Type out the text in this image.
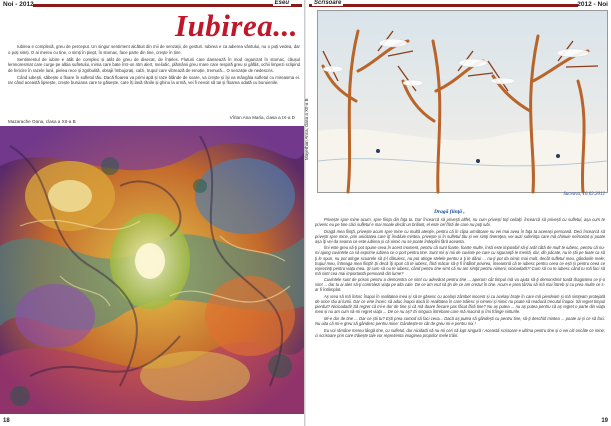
Noi - 2012	Eseu
Iubirea...

Iubirea e complexă, greu de perceput. Un singur sentiment alcătuit din mii de senzații, de gesturi. Iubirea e ca adierea vântului, nu o poți vedea, dar o poți simți. O ai mereu cu tine, o simți în piept, în stomac, face parte din tine, crește în tine.

Sentimentul de iubire e atât de complex și atât de greu de disecat, de înțeles. Fluturii care dansează în mod organizat în stomac, căușul lemnoresmat care curge pe albia sufletului, inima care bate într-un ritm alert, melodic, plămânii greu mare care respiră greu și gâfâit, ochii limpezi sclipind de fericire în razele lunii, pielea rece și zgribulită, obrajii îmbujorați, calzi, trupul care vibrează de emoție, tremură... O senzație de nedescris.

Când iubești, săbește o floare în sufletul tău. Dacă floarea va primi apă și raze blânde de soare, va crește și își va mângâia sufletul cu mireasma ei. Iar când această lipsește, crește buruiana care te găsește, care îți lasă rănile și ghinu la urmă, vei fi nevoit să tai și floarea odată cu buruienile.

Vîrlan Ana Maria, clasa a IX-a D
Mazarache Oana, clasa a XII-a B
18
Scrisoare	2012 - Noi
Mayerhan Anca, clasa a XII-a B
Suceava, 16.02.2012
Dragă fiinţă ,

Privește spre mine acum, spre fiinţa din faţa ta. Dar încearcă să privești altfel, nu cum privești toţi ceilalţi. Încearcă să privești cu sufletul, aşa cum te privesc eu pe tine căci sufletul e mai moale decât un briliant, el este cel fără de care nu poţi iubi.

Dragă mea fiinţă, privește acum spre mine cu multă atenţie, pentru că în clipa următoare nu vei mai avea în faţa ta aceeași persoană. Deci încearcă să privești spre mine, prin unicitatea care îţi învăluie mintea, privește și în sufletul tău și vei simţi tinereţea, vei auzi suferinţa care mă chinuie neîncetat și poate așa îţi vei da seama ce este iubirea și că nimic nu se poate îndeplini fără aceasta.

Îmi este greu să-ţi pot spune ceva în acest moment, pentru că sunt foarte, foarte multe, însă este imposibil să-ţi arăt câtă de mult te iubesc, pentru că nu-mi ajung cuvintele ca să exprime iubirea ce o port pentru tine. Sunt mii și mii de cuvinte pe care cu siguranţă le merită, dar, din păcate, nu le știi pe toate ca să ţi le spun, nu pot atinge scoarele să ţi-l dăruiesc, nu pot atinge stelele pentru a ţi le dărui ... nu-ţi pot da nimic mai mult, decât sufletul meu, gândurile mele, trupul meu, întreaga mea fiinţă! Și decă îţi spun că te iubesc, fără măcar să-ţi fi întâlnit privirea, înseamnă că te iubesc pentru ceea ce ești și pentru ceea ce reprezinţi pentru viaţa mea. Și cum să nu te iubesc, când pentru tine simt că nu am simţit pentru nimeni, nicioadată?! Cum să nu te iubesc când tu mă faci să mă simt cea mai importantă persoană din lume?

Cuvintele sunt de prisos pentru a demonstra ce simt cu adevărat pentru tine ... aperam cât timpul mă va ajuta să-ţi demonstrez toată dragostea ce ţi-o simt ... dar tu ai ales să-ţi controlezi viaţa pe alta cale. De ce am vrut să ţin de ce am crezut în tine. Acum e prea târziu să mă mai întreb și cu prea multe ce s-ar fi întâmplat.

Aș vrea să mă întorc înapoi în realitatea mea și să te găsesc cu acelaşi zâmbet inocent și cu acelaşi braţe în care mă pierdeam și mă simţeam protejată de orice rău al lumii. Dar ce vine încerc să aduc înapoi dacă în realitatea în care trăiesc și nimeni și nimic nu poate să readucă trecutul înapoi. Să regret timpul pierdut? Nicioadată! Să regret că mi-e dor de tine și că mă doare fiecare pas făcut fără tine? Nu aș putea ... nu aș putea pentru că aș regret o parte din viaţa mea și nu am cum să-mi regret viaţa ... De ce nu aș? Ei singura întrebare care mă macină și îmi frânge sinturile.

Mi-e dor de tine ... Dar ce știi tu? Ești prea comod să faci ceva... Dacă aș putea să gândești cu pentru tine, să-ţi deschid mintea ... poate ai și ce să faci. Nu uita că mi-e greu să gândesc pentru mine: Gândește-te căt de greu mi-e pentru noi !

Eu voi rămâne mereu lângă tine, cu sufletul, dar nicidată să nu-mi ceri să lupt singură ! Această scrisoare e ultima pentru tine și o vei citi oricâte ce mine, ci scrisoare prin care trăiește tale vor reprezenta imaginea proprilor mele trăiri.

19
